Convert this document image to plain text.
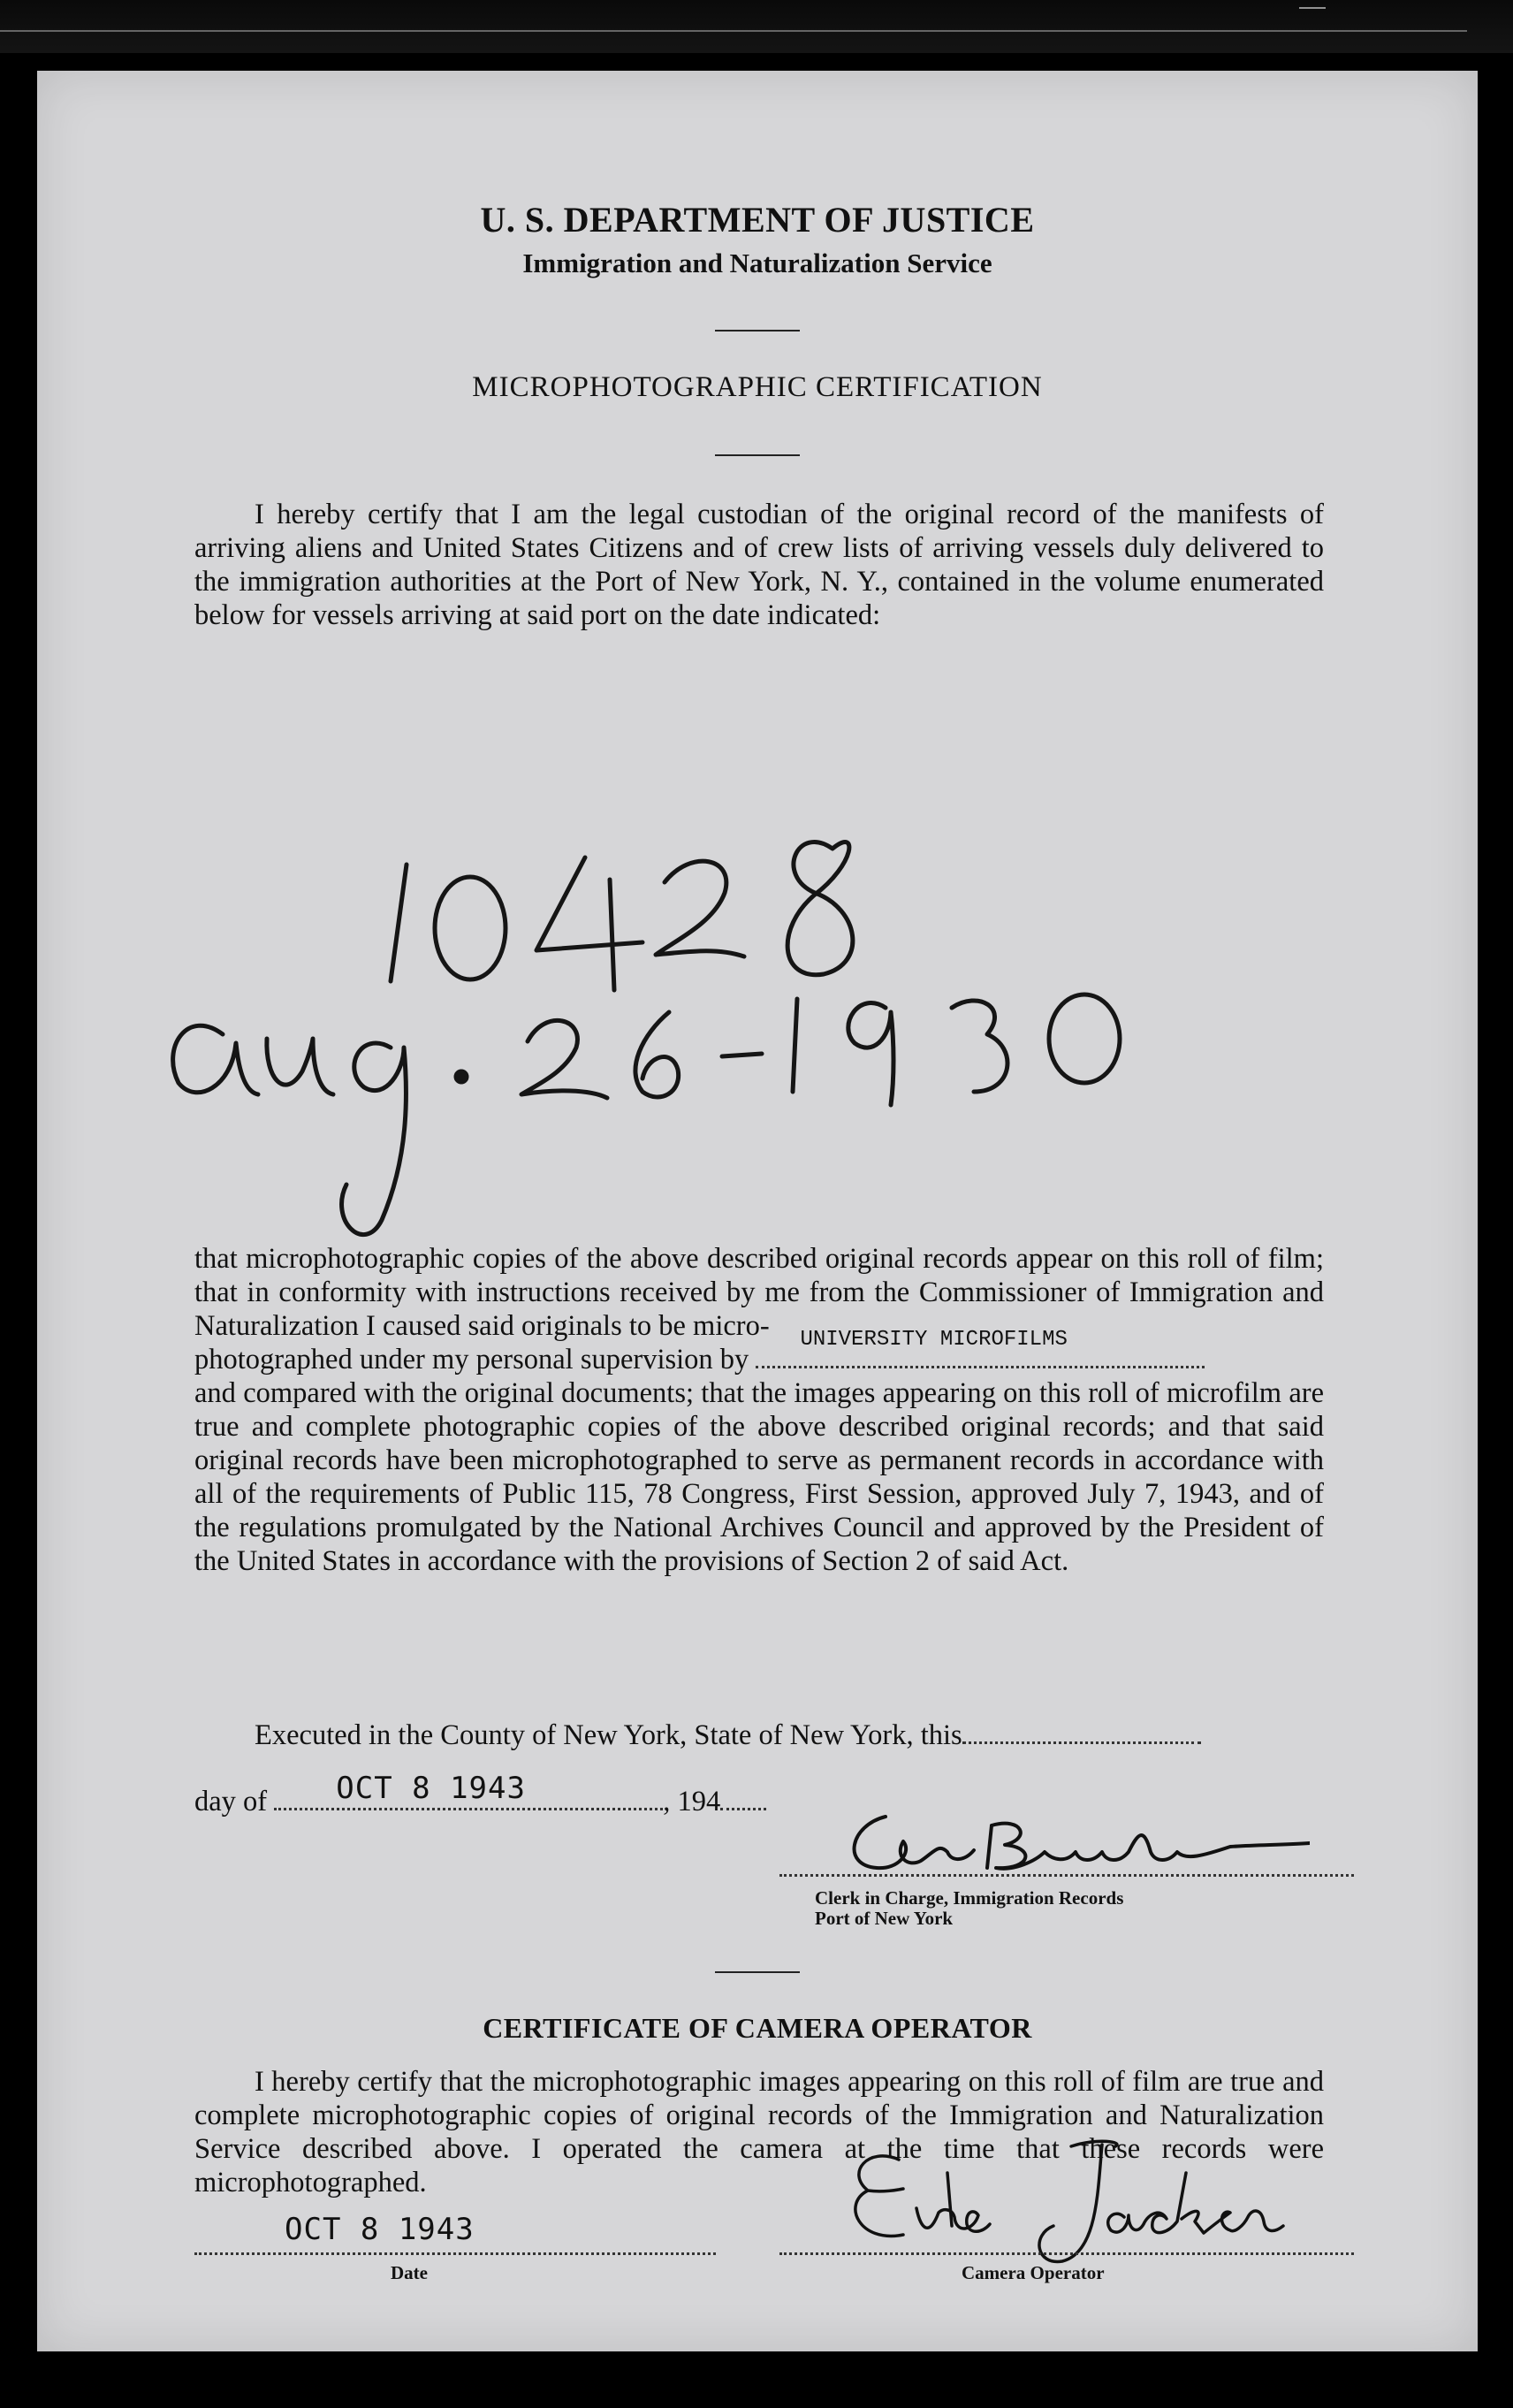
U. S. DEPARTMENT OF JUSTICE
Immigration and Naturalization Service
MICROPHOTOGRAPHIC CERTIFICATION

I hereby certify that I am the legal custodian of the original record of the manifests of arriving aliens and United States Citizens and of crew lists of arriving vessels duly delivered to the immigration authorities at the Port of New York, N. Y., contained in the volume enumerated below for vessels arriving at said port on the date indicated:

that microphotographic copies of the above described original records appear on this roll of film; that in conformity with instructions received by me from the Commissioner of Immigration and Naturalization I caused said originals to be micro-

photographed under my personal supervision by
UNIVERSITY MICROFILMS

and compared with the original documents; that the images appearing on this roll of microfilm are true and complete photographic copies of the above described original records; and that said original records have been microphotographed to serve as permanent records in accordance with all of the requirements of Public 115, 78 Congress, First Session, approved July 7, 1943, and of the regulations promulgated by the National Archives Council and approved by the President of the United States in accordance with the provisions of Section 2 of said Act.

Executed in the County of New York, State of New York, this
day of OCT 8 1943	, 194
Clerk in Charge, Immigration Records
Port of New York
CERTIFICATE OF CAMERA OPERATOR

I hereby certify that the microphotographic images appearing on this roll of film are true and complete microphotographic copies of original records of the Immigration and Naturalization Service described above. I operated the camera at the time that these records were microphotographed.

OCT 8 1943
Date	Camera Operator
